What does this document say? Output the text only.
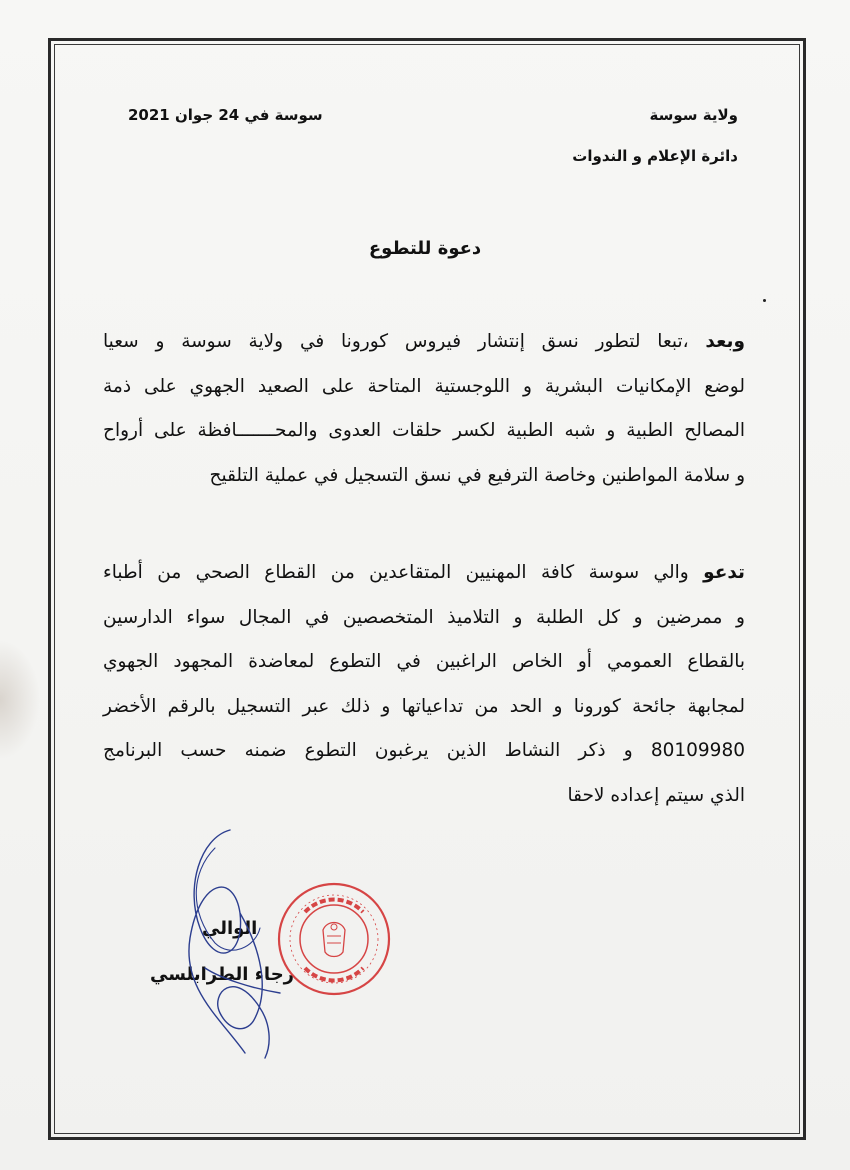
ولاية سوسة
دائرة الإعلام و الندوات
سوسة في 24 جوان 2021
دعوة للتطوع
وبعد ،تبعا لتطور نسق إنتشار فيروس كورونا في ولاية سوسة و سعيا
لوضع الإمكانيات البشرية و اللوجستية المتاحة على الصعيد الجهوي على ذمة
المصالح الطبية و شبه الطبية لكسر حلقات العدوى والمحـــــــافظة على أرواح
و سلامة المواطنين وخاصة الترفيع في نسق التسجيل في عملية التلقيح
تدعو والي سوسة كافة المهنيين المتقاعدين من القطاع الصحي من أطباء
و ممرضين و كل الطلبة و التلاميذ المتخصصين في المجال سواء الدارسين
بالقطاع العمومي أو الخاص الراغبين في التطوع لمعاضدة المجهود الجهوي
لمجابهة جائحة كورونا و الحد من تداعياتها و ذلك عبر التسجيل بالرقم الأخضر
80109980 و ذكر النشاط الذين يرغبون التطوع ضمنه حسب البرنامج
الذي سيتم إعداده لاحقا
الوالي
رجاء الطرابلسي
